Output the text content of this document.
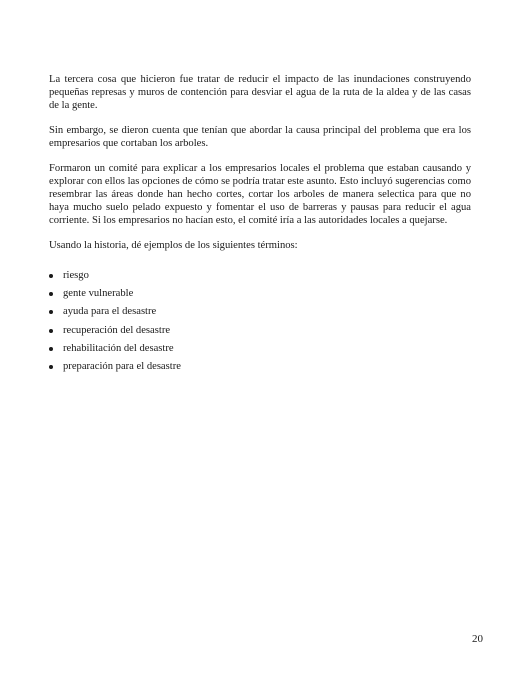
La tercera cosa que hicieron fue tratar de reducir el impacto de las inundaciones construyendo pequeñas represas y muros de contención para desviar el agua de la ruta de la aldea y de las casas de la gente.

Sin embargo, se dieron cuenta que tenían que abordar la causa principal del problema que era los empresarios que cortaban los arboles.

Formaron un comité para explicar a los empresarios locales el problema que estaban causando y explorar con ellos las opciones de cómo se podría tratar este asunto. Esto incluyó sugerencias como resembrar las áreas donde han hecho cortes, cortar los arboles de manera selectica para que no haya mucho suelo pelado expuesto y fomentar el uso de barreras y pausas para reducir el agua corriente. Si los empresarios no hacían esto, el comité iría a las autoridades locales a quejarse.

Usando la historia, dé ejemplos de los siguientes términos:

riesgo
gente vulnerable
ayuda para el desastre
recuperación del desastre
rehabilitación del desastre
preparación para el desastre
20
